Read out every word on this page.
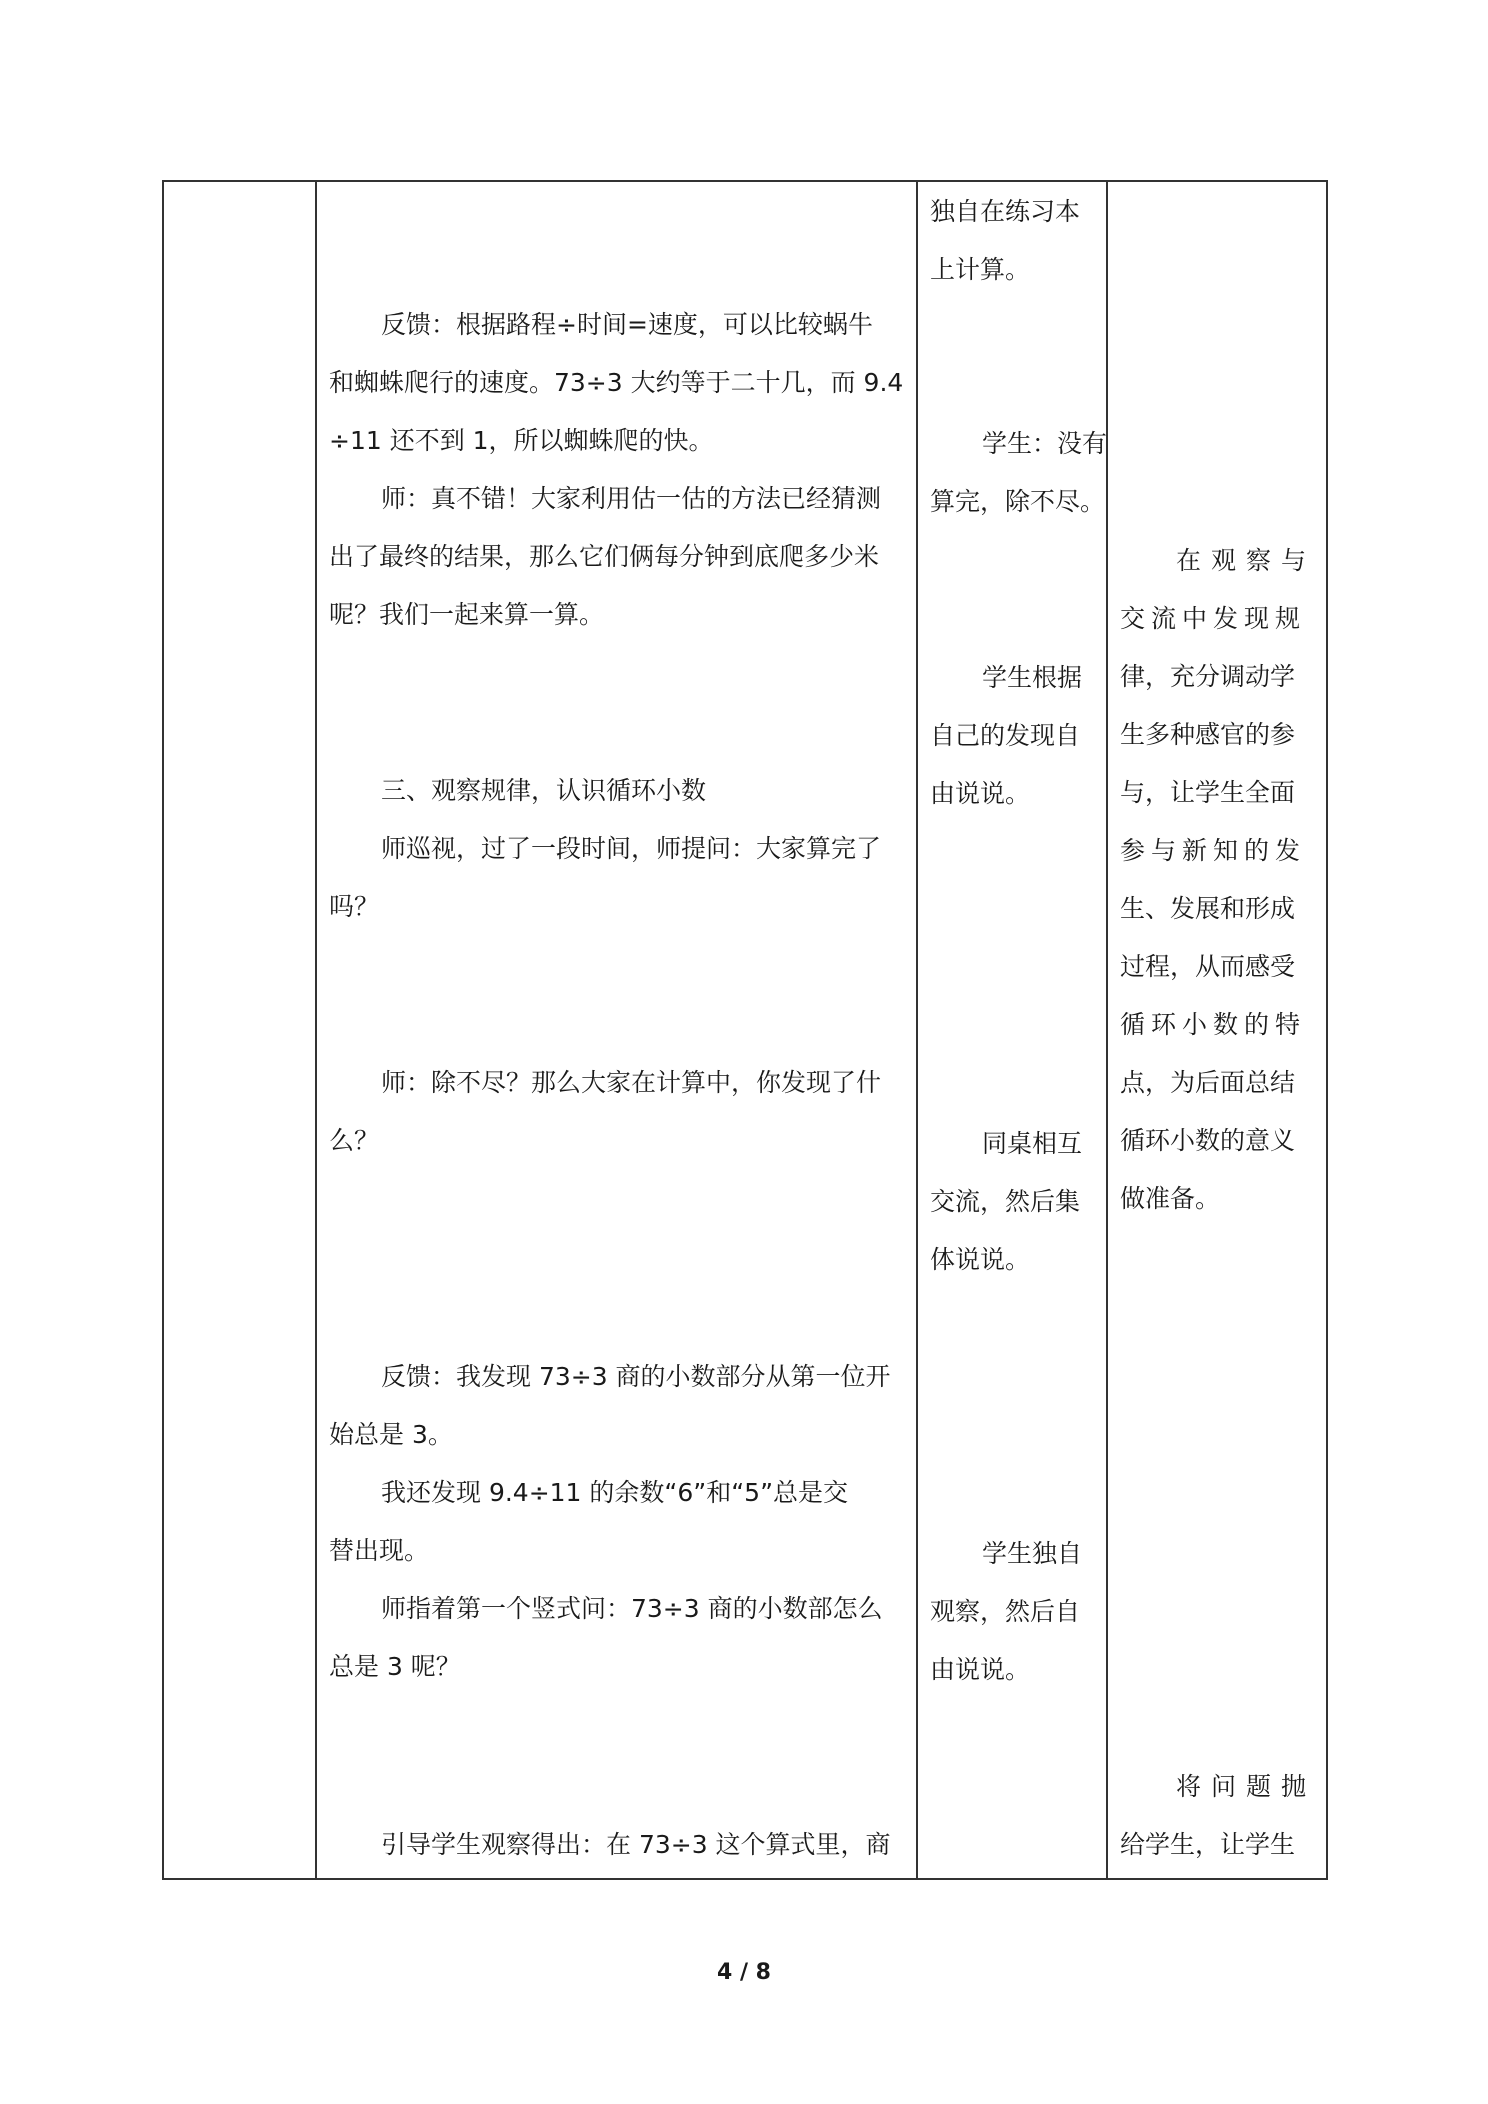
反馈：根据路程÷时间=速度，可以比较蜗牛
和蜘蛛爬行的速度。73÷3 大约等于二十几，而 9.4
÷11 还不到 1，所以蜘蛛爬的快。
师：真不错！大家利用估一估的方法已经猜测
出了最终的结果，那么它们俩每分钟到底爬多少米
呢？我们一起来算一算。
三、观察规律，认识循环小数
师巡视，过了一段时间，师提问：大家算完了
吗？
师：除不尽？那么大家在计算中，你发现了什
么？
反馈：我发现 73÷3 商的小数部分从第一位开
始总是 3。
我还发现 9.4÷11 的余数“6”和“5”总是交
替出现。
师指着第一个竖式问：73÷3 商的小数部怎么
总是 3 呢？
引导学生观察得出：在 73÷3 这个算式里，商
独自在练习本
上计算。
学生：没有
算完，除不尽。
学生根据
自己的发现自
由说说。
同桌相互
交流，然后集
体说说。
学生独自
观察，然后自
由说说。
在观察与
交流中发现规
律，充分调动学
生多种感官的参
与，让学生全面
参与新知的发
生、发展和形成
过程，从而感受
循环小数的特
点，为后面总结
循环小数的意义
做准备。
将问题抛
给学生，让学生
4 / 8
